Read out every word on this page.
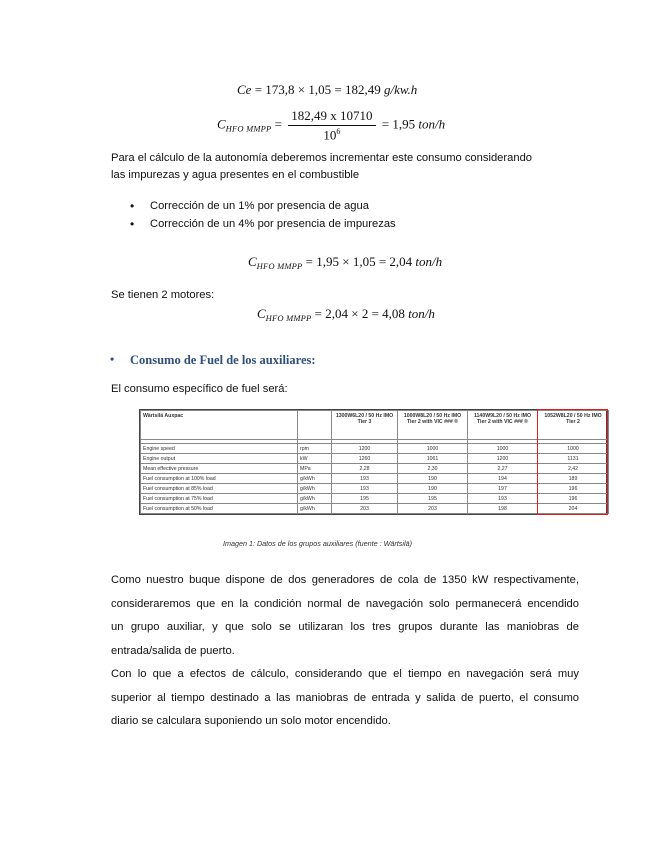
Ce = 173,8 × 1,05 = 182,49 g/kw.h
$C_{HFO MMPP} = \frac{182,49 x 10710}{10^6} = 1,95$ ton/h
Para el cálculo de la autonomía deberemos incrementar este consumo considerando
las impurezas y agua presentes en el combustible
• Corrección de un 1% por presencia de agua
• Corrección de un 4% por presencia de impurezas
$C_{HFO MMPP} = 1,95 \times 1,05 = 2,04$ ton/h
Se tienen 2 motores:
$C_{HFO MMPP} = 2,04 \times 2 = 4,08$ ton/h
• Consumo de Fuel de los auxiliares:
El consumo específico de fuel será:
Wärtsilä Auxpac		1300W6L20 / 50 Hz IMO Tier 3	1000W8L20 / 50 Hz IMO Tier 2 with VIC ### ®	1140W9L20 / 50 Hz IMO Tier 2 with VIC ### ®	1052W8L20 / 50 Hz IMO Tier 2

Engine speed	rpm	1200	1000	1000	1000
Engine output	kW	1260	1061	1200	1131
Mean effective pressure	MPa	2,28	2,30	2,27	2,42
Fuel consumption at 100% load	g/kWh	193	190	194	189
Fuel consumption at 85% load	g/kWh	193	190	197	196
Fuel consumption at 75% load	g/kWh	195	195	193	196
Fuel consumption at 50% load	g/kWh	203	203	198	204
Imagen 1: Datos de los grupos auxiliares (fuente : Wärtsilä)
Como nuestro buque dispone de dos generadores de cola de 1350 kW respectivamente,
consideraremos que en la condición normal de navegación solo permanecerá encendido
un grupo auxiliar, y que solo se utilizaran los tres grupos durante las maniobras de
entrada/salida de puerto.
Con lo que a efectos de cálculo, considerando que el tiempo en navegación será muy
superior al tiempo destinado a las maniobras de entrada y salida de puerto, el consumo
diario se calculara suponiendo un solo motor encendido.
